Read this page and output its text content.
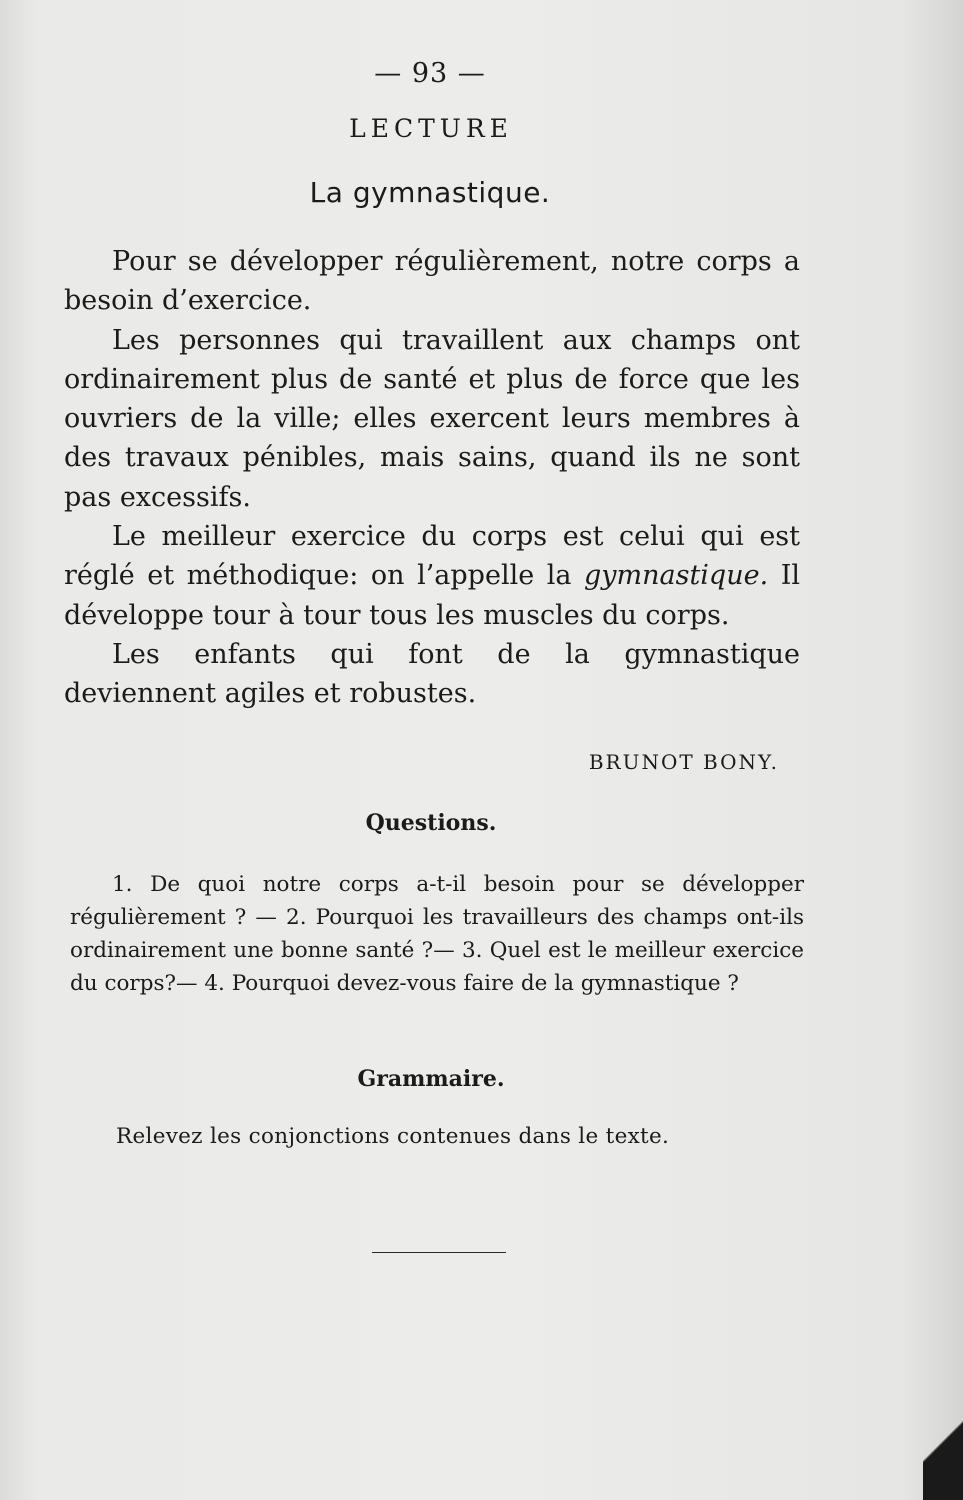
— 93 —
LECTURE
La gymnastique.

Pour se développer régulièrement, notre corps a besoin d’exercice.

Les personnes qui travaillent aux champs ont ordinairement plus de santé et plus de force que les ouvriers de la ville; elles exercent leurs membres à des travaux pénibles, mais sains, quand ils ne sont pas excessifs.

Le meilleur exercice du corps est celui qui est réglé et méthodique: on l’appelle la gymnastique. Il développe tour à tour tous les muscles du corps.

Les enfants qui font de la gymnastique deviennent agiles et robustes.

BRUNOT BONY.
Questions.

1. De quoi notre corps a-t-il besoin pour se développer régulièrement ? — 2. Pourquoi les travailleurs des champs ont-ils ordinairement une bonne santé ?— 3. Quel est le meilleur exercice du corps?— 4. Pourquoi devez-vous faire de la gymnastique ?

Grammaire.
Relevez les conjonctions contenues dans le texte.
